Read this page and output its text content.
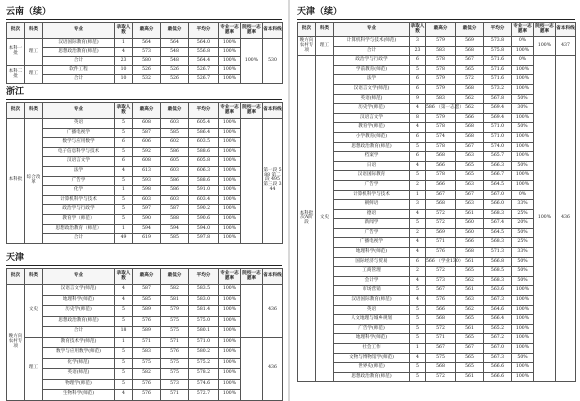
云南（续）
批次	科类	专业	录取人数	最高分	最低分	平均分	专业一志愿率	院校一志愿率	省本科线
本科一批	理工	汉语国际教育(师范)	1	564	564	564.0	100%	100%	530
		思想政治教育(师范)	4	573	548	556.8	100%		
		合计	23	580	548	564.4	100%		
本科二批	理工	软件工程	10	526	526	526.7	100%		
		合计	10	532	526	526.7	100%		
浙江
批次	科类	专业	录取人数	最高分	最低分	平均分	专业一志愿率	院校一志愿率	省本科线
本科批	综合改革	英语	5	608	603	605.4	100%		第一段 588 第二段 495 第三段 344
		广播电视学	5	587	585	586.4	100%		
		数学与应用数学	6	606	602	603.5	100%		
		电子信息科学与技术	5	592	586	588.6	100%		
		汉语言文学	6	608	605	605.8	100%		
		法学	4	613	603	606.3	100%		
		广告学	5	593	586	588.6	100%		
		化学	1	598	586	591.0	100%		
		计算机科学与技术	5	603	603	603.4	100%		
		政治学与行政学	5	597	587	590.2	100%		
		教育学（师范）	5	590	588	590.6	100%		
		思想政治教育（师范）	1	594	594	594.0	100%		
		合计	49	619	585	597.8	100%		
天津
批次	科类	专业	录取人数	最高分	最低分	平均分	专业一志愿率	院校一志愿率	省本科线
晚方向农村专项	文史	汉语言文学(师范)	4	587	582	583.5	100%		436
		地理科学(师范)	4	585	581	583.0	100%		
		历史学(师范)	5	589	579	581.4	100%		
		思想政治教育(师范)	5	576	575	575.0	100%		
		合计	18	589	575	580.1	100%		
	理工	教育技术学(师范)	1	571	571	571.0	100%		436
		数学与应用数学(师范)	5	583	576	580.2	100%		
		化学(师范)	5	575	575	575.2	100%		
		英语(师范)	5	582	575	578.2	100%		
		物理学(师范)	5	576	573	574.6	100%		
		生物科学(师范)	4	576	571	572.7	100%		
天津（续）
批次	科类	专业	录取人数	最高分	最低分	平均分	专业一志愿率	院校一志愿率	省本科线
晚方向农村专项	理工	计算机科学与技术(师范)	3	579	569	573.8	0%	100%	437
		合计	23	583	568	575.8	100%		
本科批次A阶段	文史	政治学与行政学	6	578	567	571.6	0%	100%	436
		学前教育(师范)	5	578	565	571.6	100%		
		法学	6	579	572	571.6	100%		
		汉语言文学(师范)	6	579	568	573.2	100%		
		英语(师范)	9	583	562	567.8	50%		
		历史学(师范)	4	586 （第一志愿）	562	569.4	30%		
		汉语言文学	8	579	566	569.4	100%		
		教育学(师范)	4	578	568	571.0	50%		
		小学教育(师范)	6	574	568	571.0	100%		
		思想政治教育(师范)	5	578	567	574.0	100%		
		档案学	6	568	563	565.7	100%		
		日语	4	566	565	566.3	50%		
		汉语国际教育	5	578	565	566.7	100%		
		广告学	2	566	563	564.5	100%		
		计算机科学与技术	1	567	567	567.0	0%		
		朝鲜语	3	568	563	566.0	33%		
		德语	4	572	561	568.3	25%		
		新闻学	5	572	560	567.4	20%		
		广告学	2	569	560	564.5	50%		
		广播电视学	4	571	566	568.3	25%		
		地理科学(师范)	4	576	568	571.3	33%		
		国际经济与贸易	6	566 （学业130）	561	566.8	50%		
		工商管理	2	572	565	568.5	50%		
		会计学	4	573	562	568.3	50%		
		市场营销	5	567	561	563.6	100%		
		汉语国际教育(师范)	4	576	563	567.3	100%		
		英语	5	566	562	564.6	100%		
		人文地理与城乡规划	5	568	565	566.4	100%		
		广告学(师范)	5	572	561	565.2	100%		
		地理科学(师范)	5	571	565	567.2	100%		
		社会工作	1	567	567	567.0	100%		
		文物与博物馆学(师范)	4	575	565	567.3	50%		
		世界史(师范)	5	568	565	566.6	100%		
		思想政治教育(师范)	5	572	561	566.6	100%		
